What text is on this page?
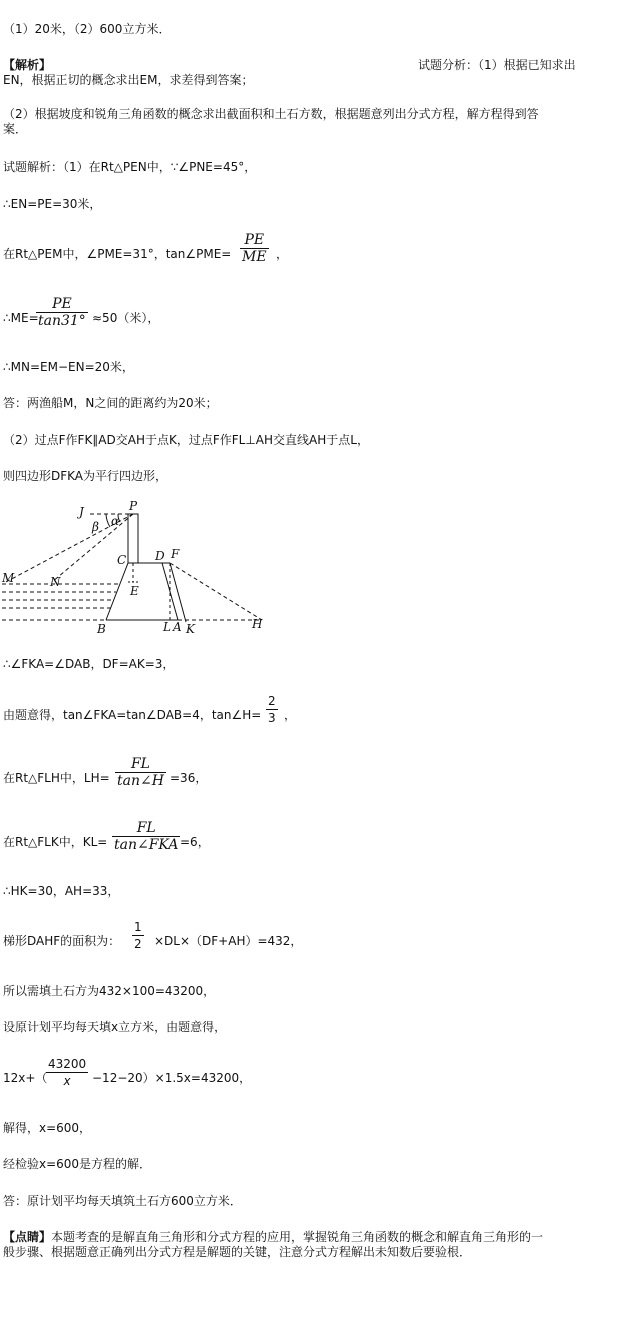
（1）20米，（2）600立方米．
【解析】	试题分析：（1）根据已知求出
EN，根据正切的概念求出EM，求差得到答案；
（2）根据坡度和锐角三角函数的概念求出截面积和土石方数，根据题意列出分式方程，解方程得到答
案．
试题解析：（1）在Rt△PEN中，∵∠PNE=45°，
∴EN=PE=30米，
在Rt△PEM中，∠PME=31°，tan∠PME= $\frac{PE}{ME}$ ，
∴ME=
$\frac{PE}{\tan 31^\circ} \approx 50$（米），
∴MN=EM−EN=20米，
答：两渔船M，N之间的距离约为20米；
（2）过点F作FK∥AD交AH于点K，过点F作FL⊥AH交直线AH于点L，
则四边形DFKA为平行四边形，
J	P
α
β
C D F
E
M	N
B	L A K	H
∴∠FKA=∠DAB，DF=AK=3，
由题意得，tan∠FKA=tan∠DAB=4，tan∠H= $\frac{2}{3}$ ，
在Rt△FLH中，$LH= \frac{FL}{\tan\angle H} =36$，
在Rt△FLK中，KL=
FL
tan∠FKA =6，
∴HK=30，AH=33，
梯形DAHF的面积为： $\frac{1}{2} \times DL\times(DF+AH)=432$，
所以需填土石方为432×100=43200，
设原计划平均每天填x立方米，由题意得，
12x+（
$\frac{43200}{x} -12-20)\times 1.5x=43200$，
解得，x=600，
经检验x=600是方程的解．
答：原计划平均每天填筑土石方600立方米．
【点睛】本题考查的是解直角三角形和分式方程的应用，掌握锐角三角函数的概念和解直角三角形的一
般步骤、根据题意正确列出分式方程是解题的关键，注意分式方程解出未知数后要验根．
